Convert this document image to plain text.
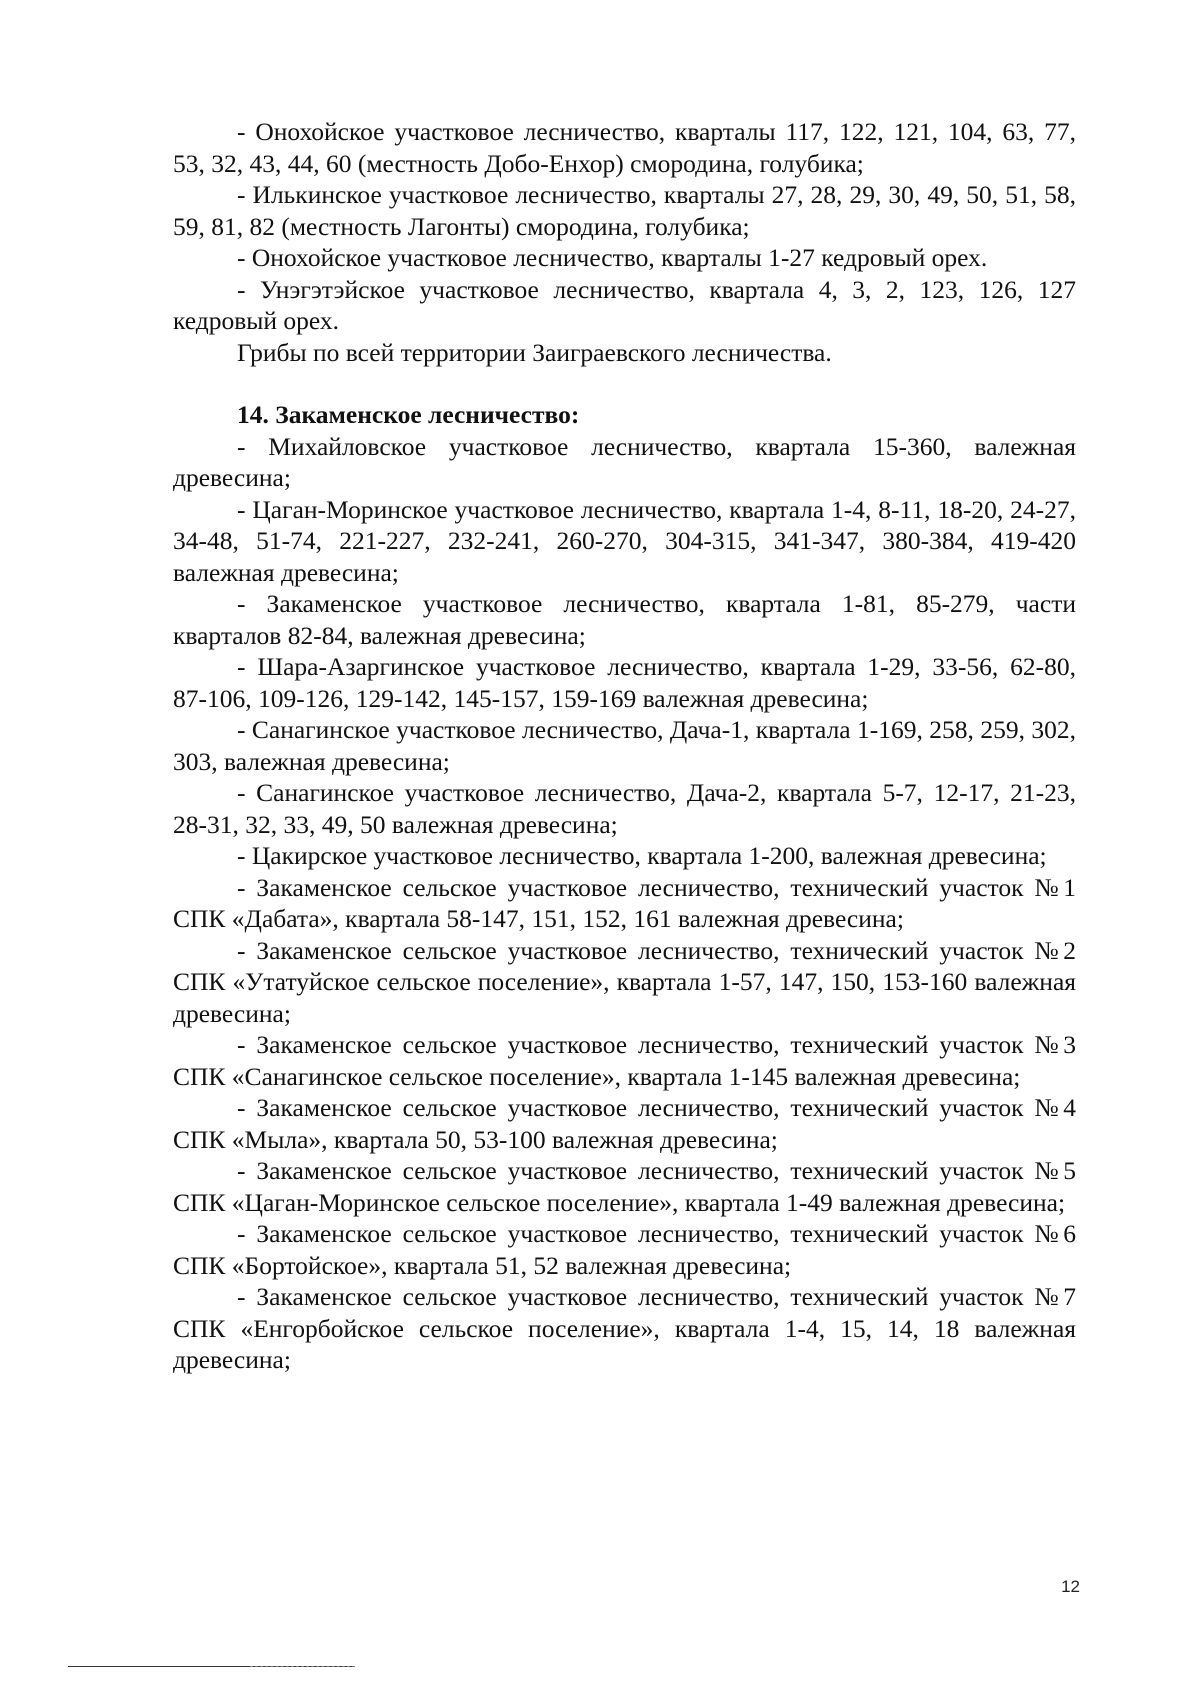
- Онохойское участковое лесничество, кварталы 117, 122, 121, 104, 63, 77, 53, 32, 43, 44, 60 (местность Добо-Енхор) смородина, голубика;

- Илькинское участковое лесничество, кварталы 27, 28, 29, 30, 49, 50, 51, 58, 59, 81, 82 (местность Лагонты) смородина, голубика;

- Онохойское участковое лесничество, кварталы 1-27 кедровый орех.

- Унэгэтэйское участковое лесничество, квартала 4, 3, 2, 123, 126, 127 кедровый орех.

Грибы по всей территории Заиграевского лесничества.

14. Закаменское лесничество:

- Михайловское участковое лесничество, квартала 15-360, валежная древесина;

- Цаган-Моринское участковое лесничество, квартала 1-4, 8-11, 18-20, 24-27, 34-48, 51-74, 221-227, 232-241, 260-270, 304-315, 341-347, 380-384, 419-420 валежная древесина;

- Закаменское участковое лесничество, квартала 1-81, 85-279, части кварталов 82-84, валежная древесина;

- Шара-Азаргинское участковое лесничество, квартала 1-29, 33-56, 62-80, 87-106, 109-126, 129-142, 145-157, 159-169 валежная древесина;

- Санагинское участковое лесничество, Дача-1, квартала 1-169, 258, 259, 302, 303, валежная древесина;

- Санагинское участковое лесничество, Дача-2, квартала 5-7, 12-17, 21-23, 28-31, 32, 33, 49, 50 валежная древесина;

- Цакирское участковое лесничество, квартала 1-200, валежная древесина;

- Закаменское сельское участковое лесничество, технический участок №1 СПК «Дабата», квартала 58-147, 151, 152, 161 валежная древесина;

- Закаменское сельское участковое лесничество, технический участок №2 СПК «Утатуйское сельское поселение», квартала 1-57, 147, 150, 153-160 валежная древесина;

- Закаменское сельское участковое лесничество, технический участок №3 СПК «Санагинское сельское поселение», квартала 1-145 валежная древесина;

- Закаменское сельское участковое лесничество, технический участок №4 СПК «Мыла», квартала 50, 53-100 валежная древесина;

- Закаменское сельское участковое лесничество, технический участок №5 СПК «Цаган-Моринское сельское поселение», квартала 1-49 валежная древесина;

- Закаменское сельское участковое лесничество, технический участок №6 СПК «Бортойское», квартала 51, 52 валежная древесина;

- Закаменское сельское участковое лесничество, технический участок №7 СПК «Енгорбойское сельское поселение», квартала 1-4, 15, 14, 18 валежная древесина;

12
